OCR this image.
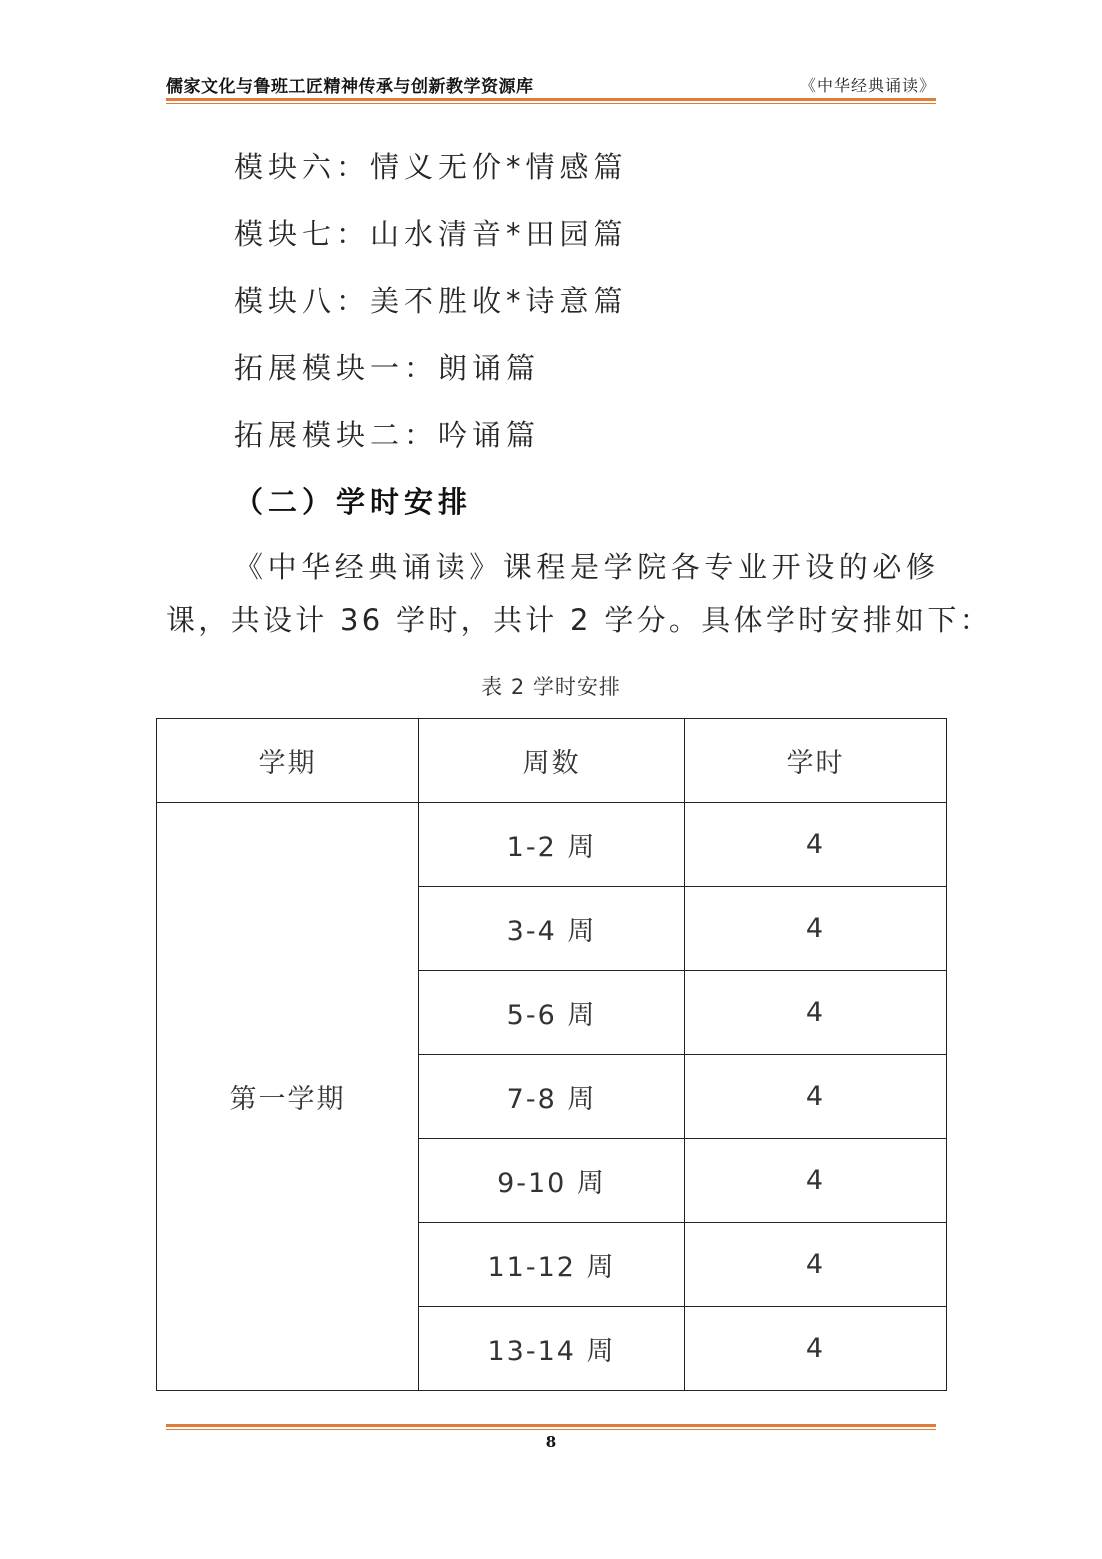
儒家文化与鲁班工匠精神传承与创新教学资源库	《中华经典诵读》
模块六：情义无价*情感篇
模块七：山水清音*田园篇
模块八：美不胜收*诗意篇
拓展模块一：朗诵篇
拓展模块二：吟诵篇
（二）学时安排
《中华经典诵读》课程是学院各专业开设的必修
课，共设计 36 学时，共计 2 学分。具体学时安排如下：
表 2 学时安排
学期	周数	学时
第一学期	1-2 周	4
	3-4 周	4
	5-6 周	4
	7-8 周	4
	9-10 周	4
	11-12 周	4
	13-14 周	4
8
